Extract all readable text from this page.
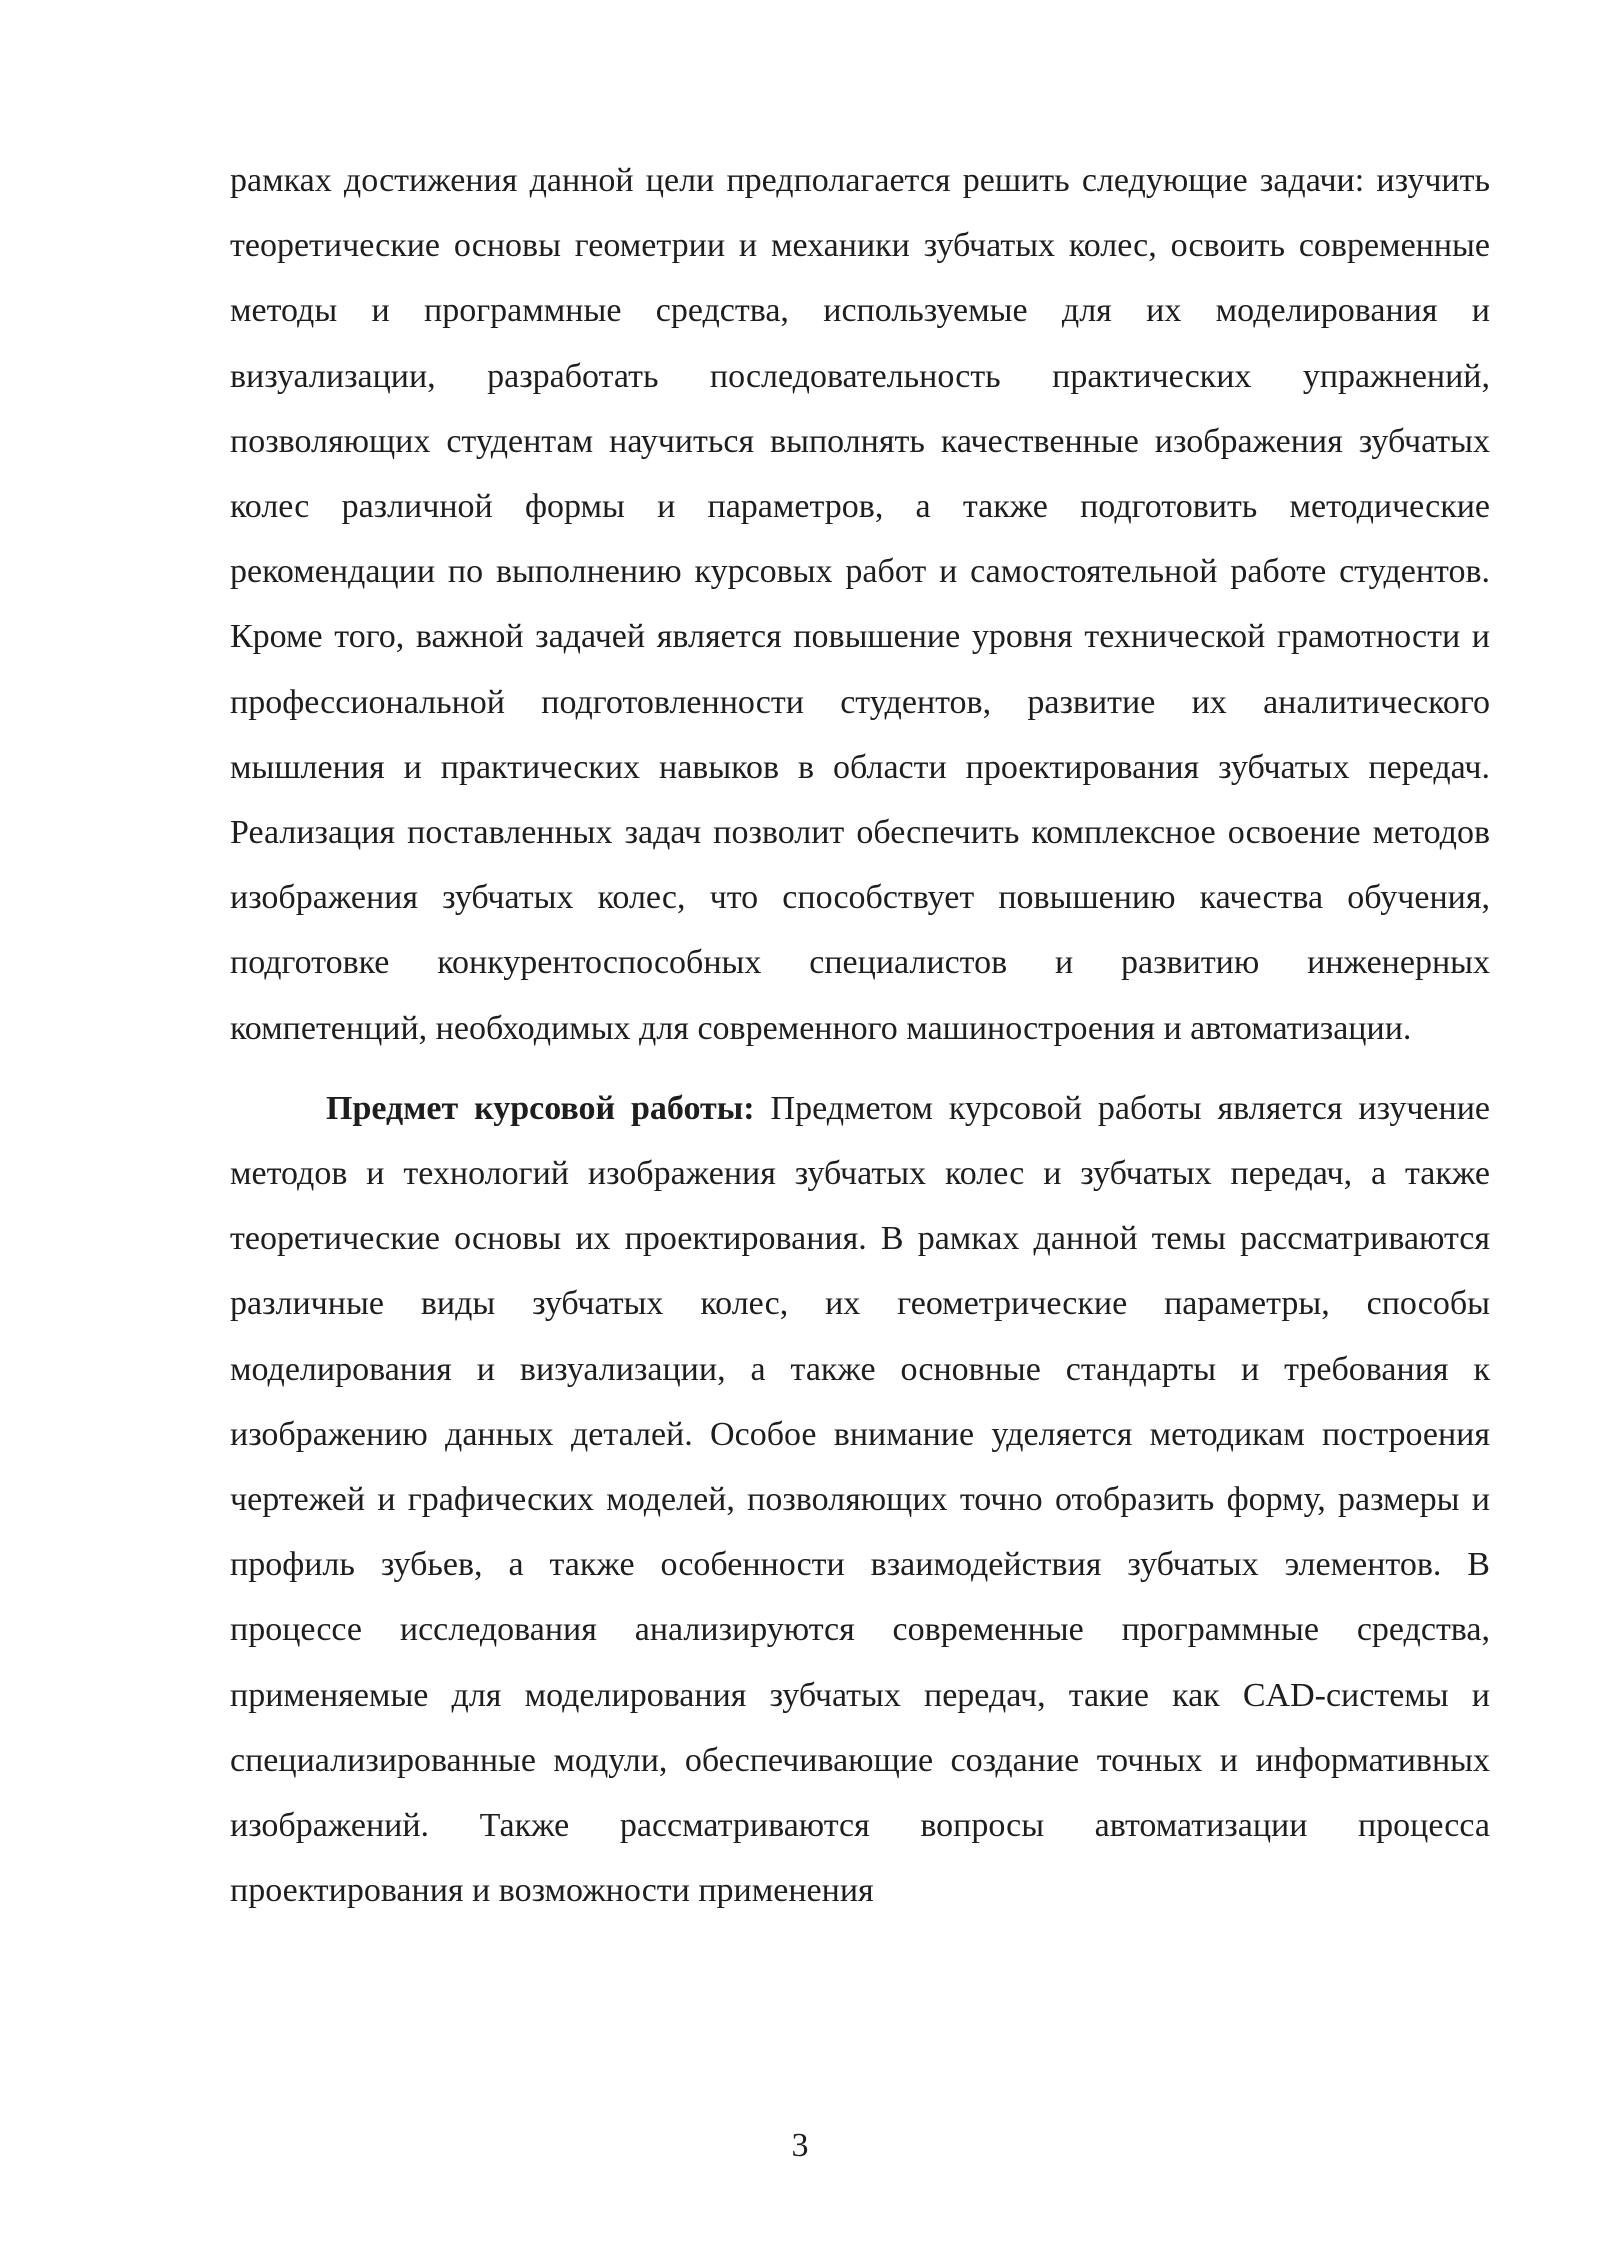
рамках достижения данной цели предполагается решить следующие задачи: изучить теоретические основы геометрии и механики зубчатых колес, освоить современные методы и программные средства, используемые для их моделирования и визуализации, разработать последовательность практических упражнений, позволяющих студентам научиться выполнять качественные изображения зубчатых колес различной формы и параметров, а также подготовить методические рекомендации по выполнению курсовых работ и самостоятельной работе студентов. Кроме того, важной задачей является повышение уровня технической грамотности и профессиональной подготовленности студентов, развитие их аналитического мышления и практических навыков в области проектирования зубчатых передач. Реализация поставленных задач позволит обеспечить комплексное освоение методов изображения зубчатых колес, что способствует повышению качества обучения, подготовке конкурентоспособных специалистов и развитию инженерных компетенций, необходимых для современного машиностроения и автоматизации.

Предмет курсовой работы: Предметом курсовой работы является изучение методов и технологий изображения зубчатых колес и зубчатых передач, а также теоретические основы их проектирования. В рамках данной темы рассматриваются различные виды зубчатых колес, их геометрические параметры, способы моделирования и визуализации, а также основные стандарты и требования к изображению данных деталей. Особое внимание уделяется методикам построения чертежей и графических моделей, позволяющих точно отобразить форму, размеры и профиль зубьев, а также особенности взаимодействия зубчатых элементов. В процессе исследования анализируются современные программные средства, применяемые для моделирования зубчатых передач, такие как CAD-системы и специализированные модули, обеспечивающие создание точных и информативных изображений. Также рассматриваются вопросы автоматизации процесса проектирования и возможности применения

3
